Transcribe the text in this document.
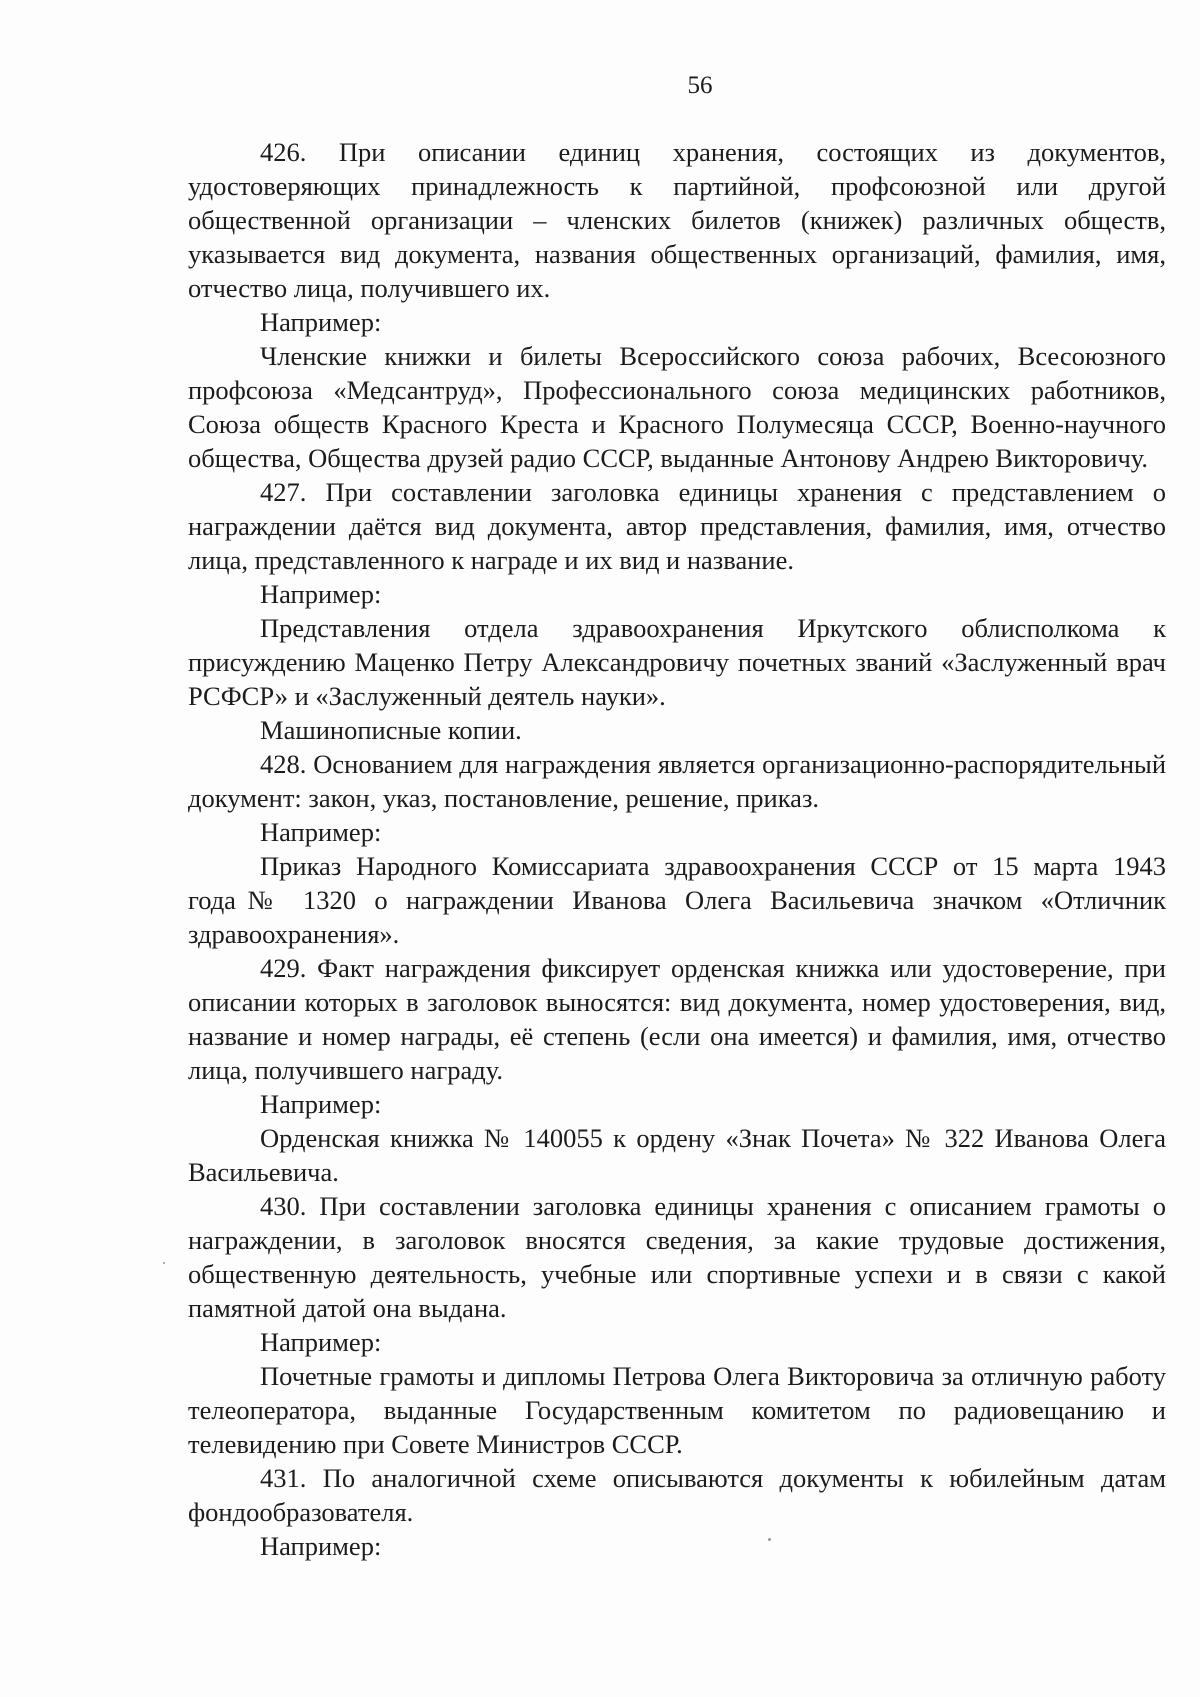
56

426. При описании единиц хранения, состоящих из документов, удостоверяющих принадлежность к партийной, профсоюзной или другой общественной организации – членских билетов (книжек) различных обществ, указывается вид документа, названия общественных организаций, фамилия, имя, отчество лица, получившего их.

Например:

Членские книжки и билеты Всероссийского союза рабочих, Всесоюзного профсоюза «Медсантруд», Профессионального союза медицинских работников, Союза обществ Красного Креста и Красного Полумесяца СССР, Военно-научного общества, Общества друзей радио СССР, выданные Антонову Андрею Викторовичу.

427. При составлении заголовка единицы хранения с представлением о награждении даётся вид документа, автор представления, фамилия, имя, отчество лица, представленного к награде и их вид и название.

Например:

Представления отдела здравоохранения Иркутского облисполкома к присуждению Маценко Петру Александровичу почетных званий «Заслуженный врач РСФСР» и «Заслуженный деятель науки».

Машинописные копии.

428. Основанием для награждения является организационно-распорядительный документ: закон, указ, постановление, решение, приказ.

Например:

Приказ Народного Комиссариата здравоохранения СССР от 15 марта 1943 года№ 1320 о награждении Иванова Олега Васильевича значком «Отличник здравоохранения».

429. Факт награждения фиксирует орденская книжка или удостоверение, при описании которых в заголовок выносятся: вид документа, номер удостоверения, вид, название и номер награды, её степень (если она имеется) и фамилия, имя, отчество лица, получившего награду.

Например:

Орденская книжка № 140055 к ордену «Знак Почета» № 322 Иванова Олега Васильевича.

430. При составлении заголовка единицы хранения с описанием грамоты о награждении, в заголовок вносятся сведения, за какие трудовые достижения, общественную деятельность, учебные или спортивные успехи и в связи с какой памятной датой она выдана.

Например:

Почетные грамоты и дипломы Петрова Олега Викторовича за отличную работу телеоператора, выданные Государственным комитетом по радиовещанию и телевидению при Совете Министров СССР.

431. По аналогичной схеме описываются документы к юбилейным датам фондообразователя.

Например:
